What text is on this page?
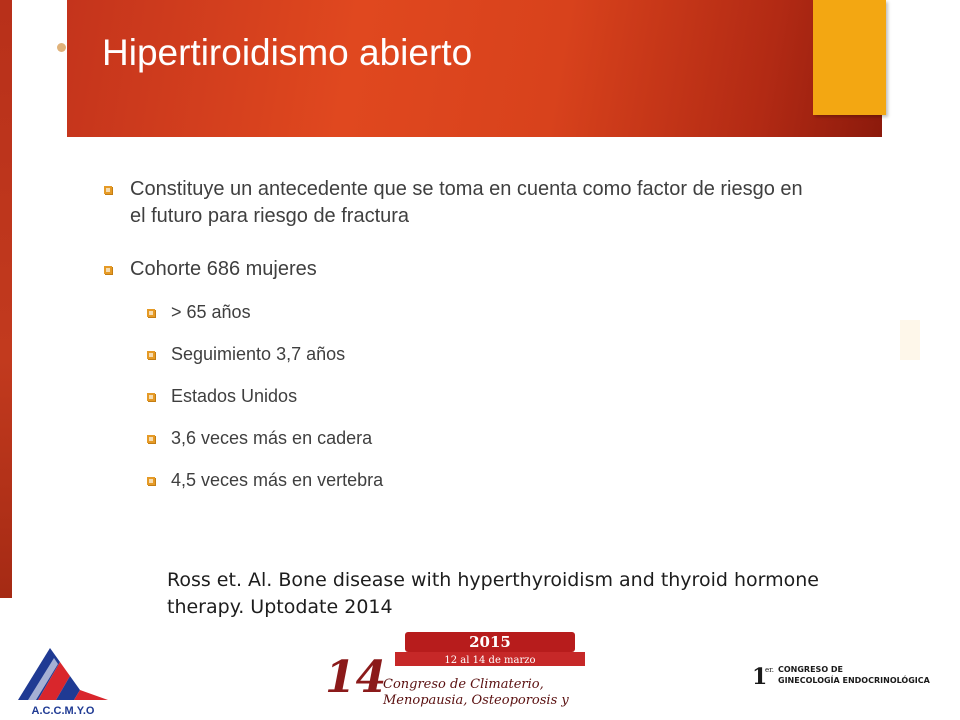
Hipertiroidismo abierto
Constituye un antecedente que se toma en cuenta como factor de riesgo en el futuro para riesgo de fractura
Cohorte 686 mujeres
> 65 años
Seguimiento 3,7 años
Estados Unidos
3,6 veces más en cadera
4,5 veces más en vertebra
Ross et. Al. Bone disease with hyperthyroidism and thyroid hormone therapy. Uptodate 2014
A.C.C.M.Y.O
2015
12 al 14 de marzo
14
Congreso de Climaterio,
Menopausia, Osteoporosis y
1
er. CONGRESO DE
GINECOLOGÍA ENDOCRINOLÓGICA
